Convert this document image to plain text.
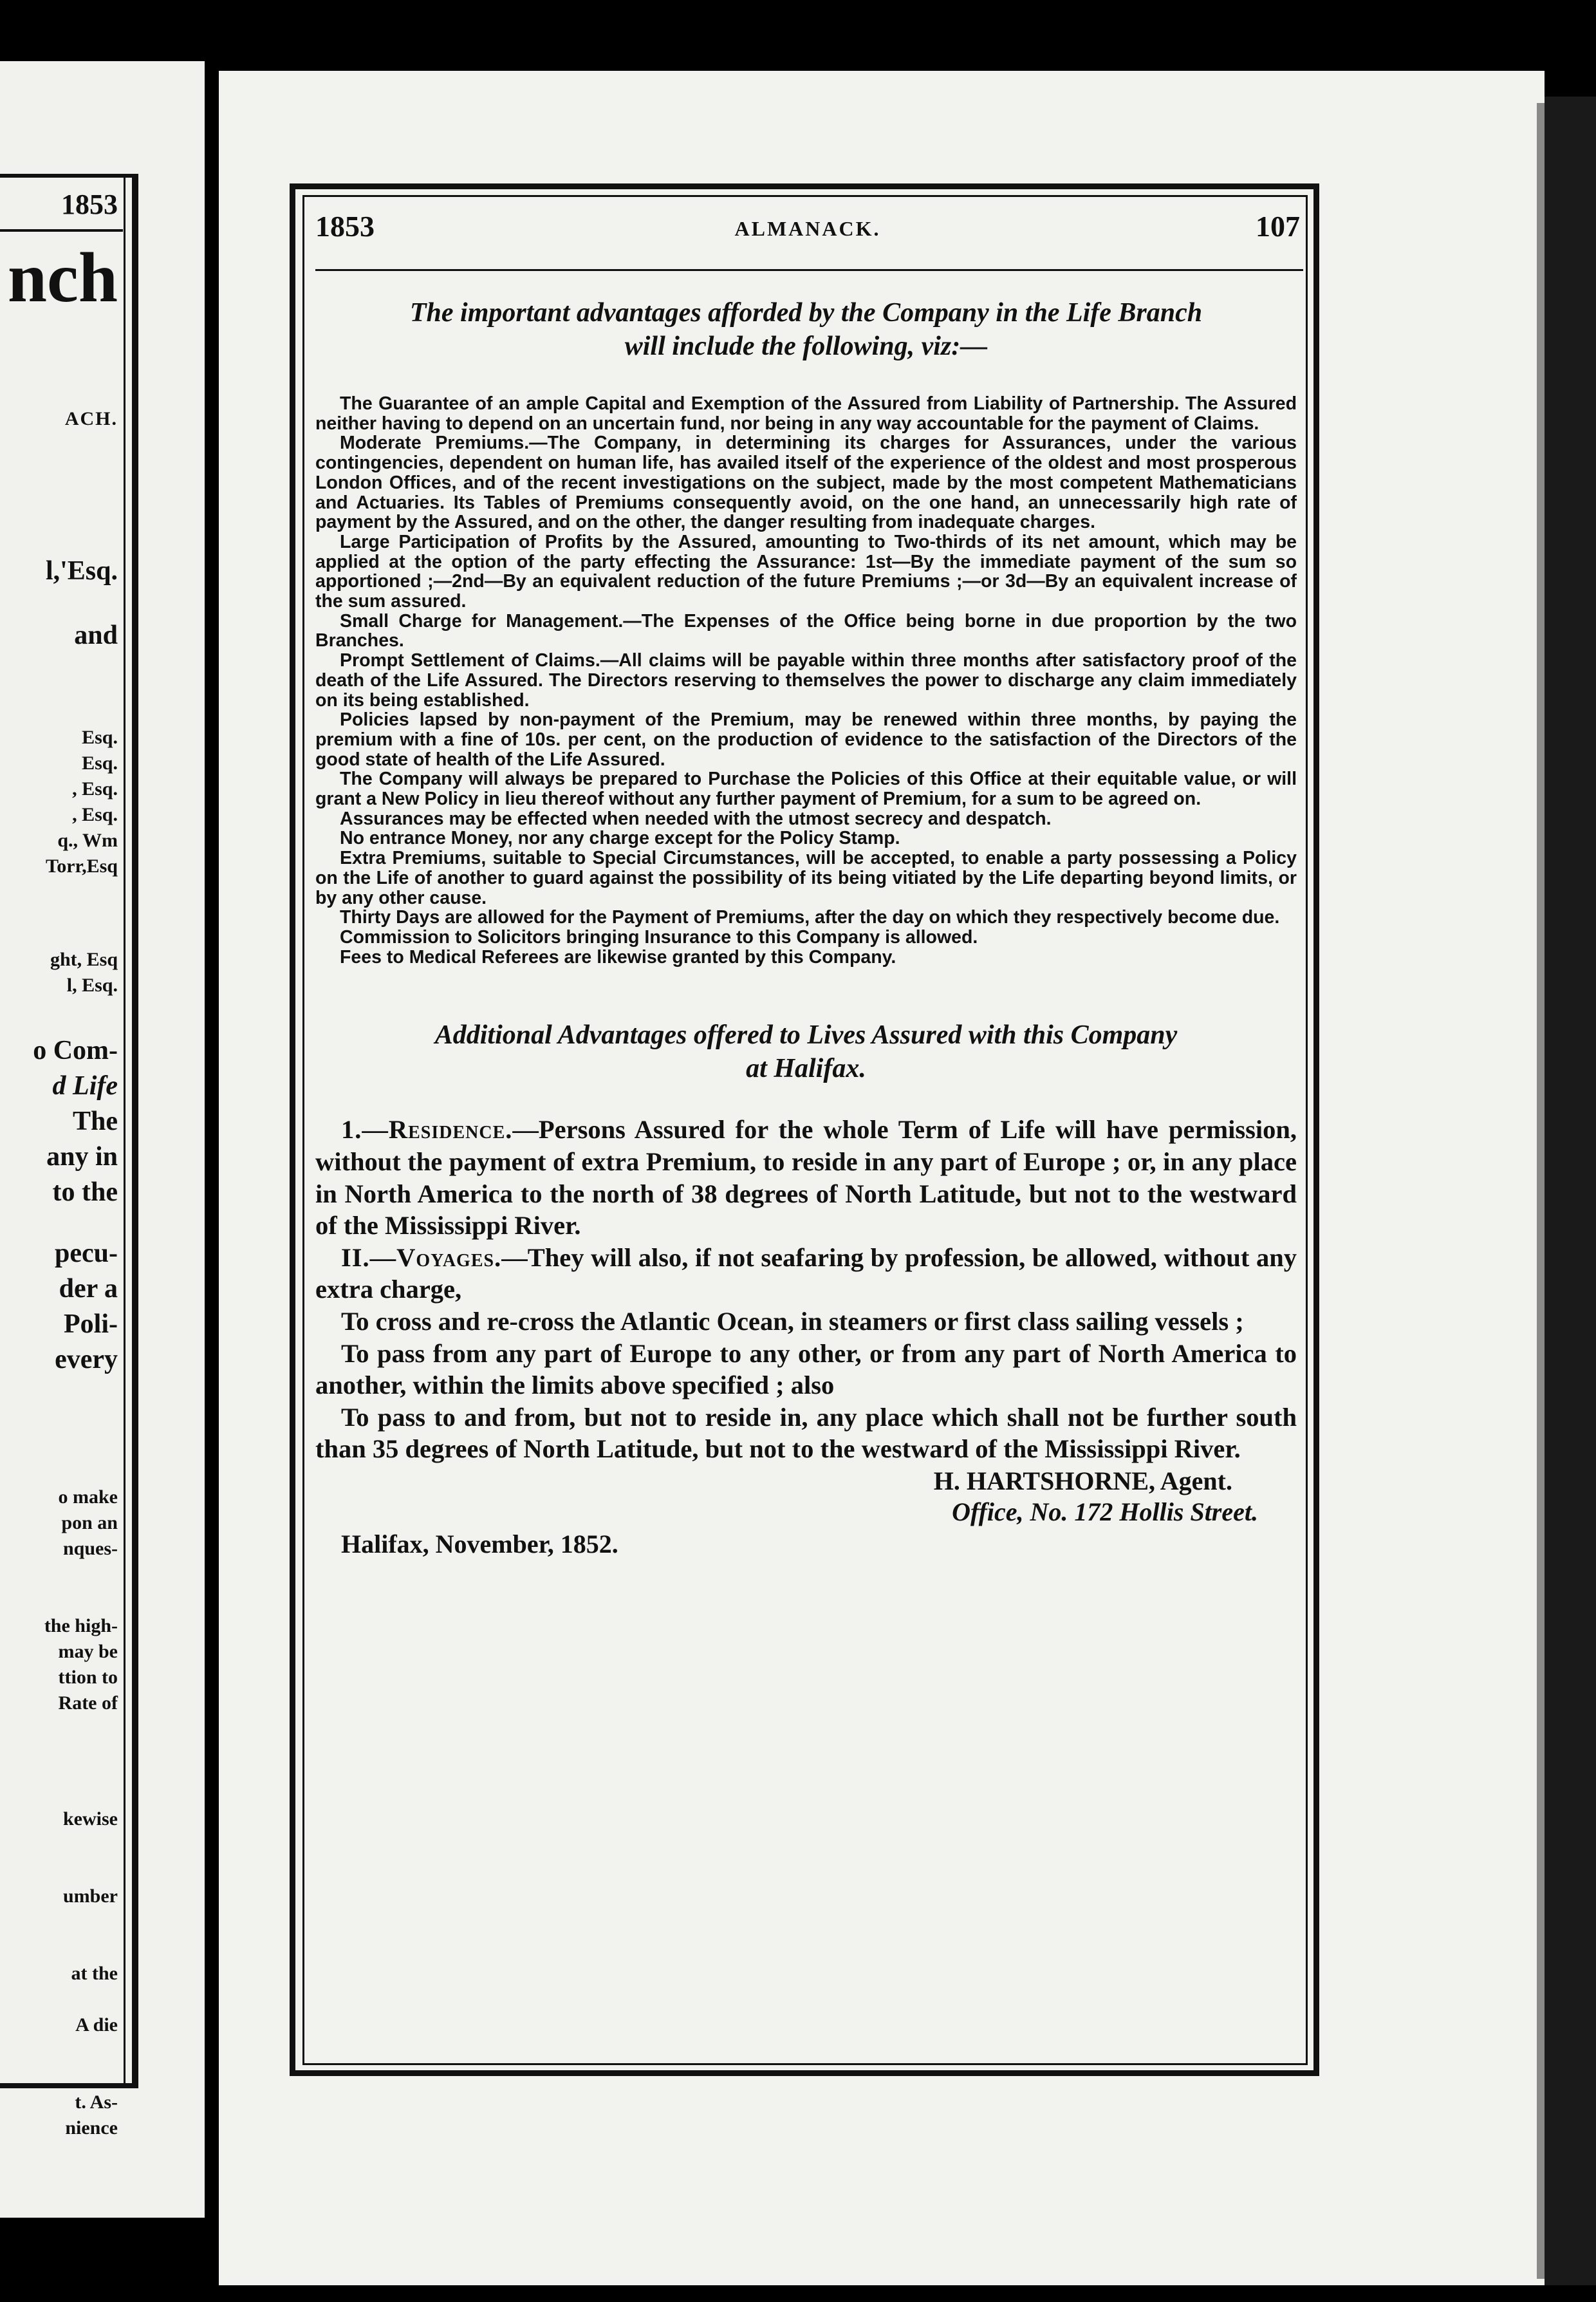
1853
nch
ACH.
l,'Esq.
and
Esq.
Esq.
, Esq.
, Esq.
q., Wm
Torr,Esq
ght, Esq
l, Esq.
o Com-
d Life
The
any in
to the
pecu-
der a
Poli-
every
o make
pon an
nques-
the high-
may be
ttion to
Rate of
kewise
umber
at the
A die
t. As-
nience
1853	ALMANACK.	107
The important advantages afforded by the Company in the Life Branch
will include the following, viz:—

The Guarantee of an ample Capital and Exemption of the Assured from Liability of Partnership. The Assured neither having to depend on an uncertain fund, nor being in any way accountable for the payment of Claims.

Moderate Premiums.—The Company, in determining its charges for Assurances, under the various contingencies, dependent on human life, has availed itself of the experience of the oldest and most prosperous London Offices, and of the recent investigations on the subject, made by the most competent Mathematicians and Actuaries. Its Tables of Premiums consequently avoid, on the one hand, an unnecessarily high rate of payment by the Assured, and on the other, the danger resulting from inadequate charges.

Large Participation of Profits by the Assured, amounting to Two-thirds of its net amount, which may be applied at the option of the party effecting the Assurance: 1st—By the immediate payment of the sum so apportioned ;—2nd—By an equivalent reduction of the future Premiums ;—or 3d—By an equivalent increase of the sum assured.

Small Charge for Management.—The Expenses of the Office being borne in due proportion by the two Branches.

Prompt Settlement of Claims.—All claims will be payable within three months after satisfactory proof of the death of the Life Assured. The Directors reserving to themselves the power to discharge any claim immediately on its being established.

Policies lapsed by non-payment of the Premium, may be renewed within three months, by paying the premium with a fine of 10s. per cent, on the production of evidence to the satisfaction of the Directors of the good state of health of the Life Assured.

The Company will always be prepared to Purchase the Policies of this Office at their equitable value, or will grant a New Policy in lieu thereof without any further payment of Premium, for a sum to be agreed on.

Assurances may be effected when needed with the utmost secrecy and despatch.

No entrance Money, nor any charge except for the Policy Stamp.

Extra Premiums, suitable to Special Circumstances, will be accepted, to enable a party possessing a Policy on the Life of another to guard against the possibility of its being vitiated by the Life departing beyond limits, or by any other cause.

Thirty Days are allowed for the Payment of Premiums, after the day on which they respectively become due.

Commission to Solicitors bringing Insurance to this Company is allowed.

Fees to Medical Referees are likewise granted by this Company.

Additional Advantages offered to Lives Assured with this Company
at Halifax.

1.—Residence.—Persons Assured for the whole Term of Life will have permission, without the payment of extra Premium, to reside in any part of Europe ; or, in any place in North America to the north of 38 degrees of North Latitude, but not to the westward of the Mississippi River.

II.—Voyages.—They will also, if not seafaring by profession, be allowed, without any extra charge,

To cross and re-cross the Atlantic Ocean, in steamers or first class sailing vessels ;

To pass from any part of Europe to any other, or from any part of North America to another, within the limits above specified ; also

To pass to and from, but not to reside in, any place which shall not be further south than 35 degrees of North Latitude, but not to the westward of the Mississippi River.

H. HARTSHORNE, Agent.
Office, No. 172 Hollis Street.
Halifax, November, 1852.
